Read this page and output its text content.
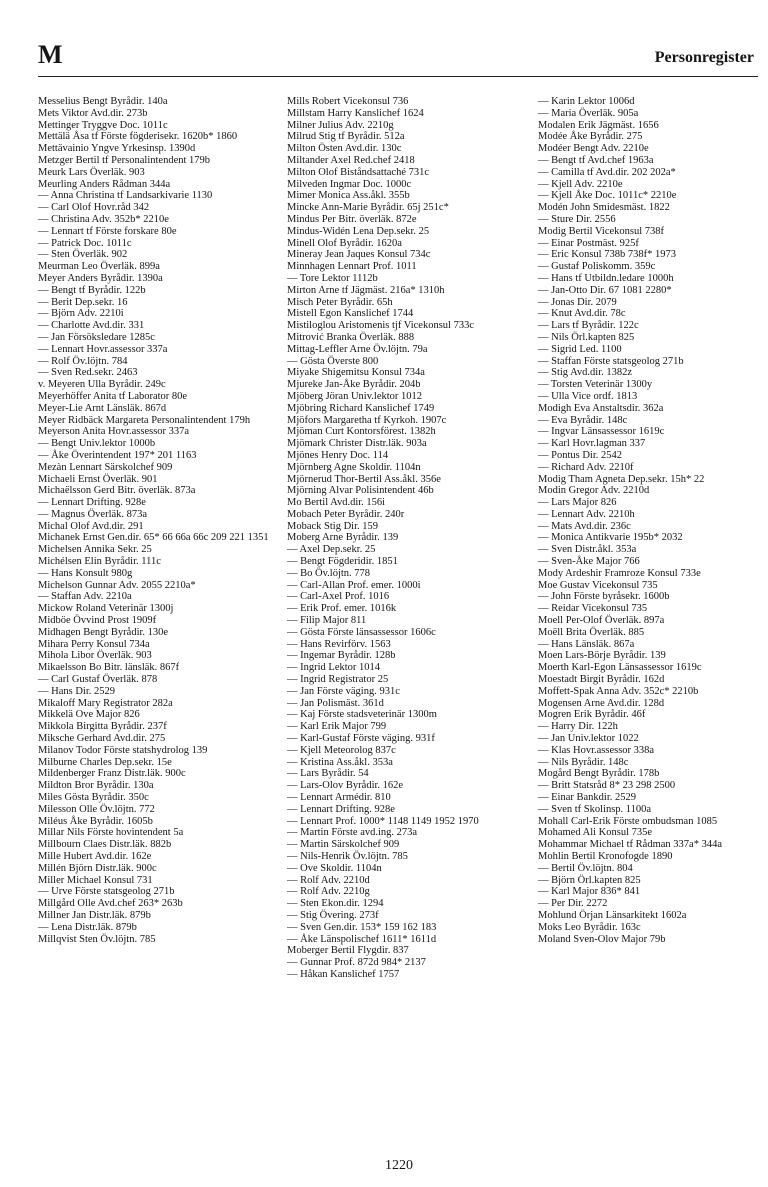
M	Personregister
Messelius Bengt Byrådir. 140a
Mets Viktor Avd.dir. 273b
Mettinger Tryggve Doc. 1011c
Mettälä Åsa tf Förste fögderisekr. 1620b* 1860
Mettävainio Yngve Yrkesinsp. 1390d
Metzger Bertil tf Personalintendent 179b
Meurk Lars Överläk. 903
Meurling Anders Rådman 344a
— Anna Christina tf Landsarkivarie 1130
— Carl Olof Hovr.råd 342
— Christina Adv. 352b* 2210e
— Lennart tf Förste forskare 80e
— Patrick Doc. 1011c
— Sten Överläk. 902
Meurman Leo Överläk. 899a
Meyer Anders Byrådir. 1390a
— Bengt tf Byrådir. 122b
— Berit Dep.sekr. 16
— Björn Adv. 2210i
— Charlotte Avd.dir. 331
— Jan Försöksledare 1285c
— Lennart Hovr.assessor 337a
— Rolf Öv.löjtn. 784
— Sven Red.sekr. 2463
v. Meyeren Ulla Byrådir. 249c
Meyerhöffer Anita tf Laborator 80e
Meyer-Lie Arnt Länsläk. 867d
Meyer Ridbäck Margareta Personalintendent 179h
Meyerson Anita Hovr.assessor 337a
— Bengt Univ.lektor 1000b
— Åke Överintendent 197* 201 1163
Mezàn Lennart Särskolchef 909
Michaeli Ernst Överläk. 901
Michaëlsson Gerd Bitr. överläk. 873a
— Lennart Drifting. 928e
— Magnus Överläk. 873a
Michal Olof Avd.dir. 291
Michanek Ernst Gen.dir. 65* 66 66a 66c 209 221 1351
Michelsen Annika Sekr. 25
Michélsen Elin Byrådir. 111c
— Hans Konsult 980g
Michelson Gunnar Adv. 2055 2210a*
— Staffan Adv. 2210a
Mickow Roland Veterinär 1300j
Midböe Övvind Prost 1909f
Midhagen Bengt Byrådir. 130e
Mihara Perry Konsul 734a
Mihola Libor Överläk. 903
Mikaelsson Bo Bitr. länsläk. 867f
— Carl Gustaf Överläk. 878
— Hans Dir. 2529
Mikaloff Mary Registrator 282a
Mikkelä Ove Major 826
Mikkola Birgitta Byrådir. 237f
Miksche Gerhard Avd.dir. 275
Milanov Todor Förste statshydrolog 139
Milburne Charles Dep.sekr. 15e
Mildenberger Franz Distr.läk. 900c
Mildton Bror Byrådir. 130a
Miles Gösta Byrådir. 350c
Milesson Olle Öv.löjtn. 772
Miléus Åke Byrådir. 1605b
Millar Nils Förste hovintendent 5a
Millbourn Claes Distr.läk. 882b
Mille Hubert Avd.dir. 162e
Millén Björn Distr.läk. 900c
Miller Michael Konsul 731
— Urve Förste statsgeolog 271b
Millgård Olle Avd.chef 263* 263b
Millner Jan Distr.läk. 879b
— Lena Distr.läk. 879b
Millqvist Sten Öv.löjtn. 785
Mills Robert Vicekonsul 736
Millstam Harry Kanslichef 1624
Milner Julius Adv. 2210g
Milrud Stig tf Byrådir. 512a
Milton Östen Avd.dir. 130c
Miltander Axel Red.chef 2418
Milton Olof Biståndsattaché 731c
Milveden Ingmar Doc. 1000c
Mimer Monica Ass.åkl. 355b
Mincke Ann-Marie Byrådir. 65j 251c*
Mindus Per Bitr. överläk. 872e
Mindus-Widén Lena Dep.sekr. 25
Minell Olof Byrådir. 1620a
Mineray Jean Jaques Konsul 734c
Minnhagen Lennart Prof. 1011
— Tore Lektor 1112b
Mirton Arne tf Jägmäst. 216a* 1310h
Misch Peter Byrådir. 65h
Mistell Egon Kanslichef 1744
Mistiloglou Aristomenis tjf Vicekonsul 733c
Mitrović Branka Överläk. 888
Mittag-Leffler Arne Öv.löjtn. 79a
— Gösta Överste 800
Miyake Shigemitsu Konsul 734a
Mjureke Jan-Åke Byrådir. 204b
Mjöberg Jöran Univ.lektor 1012
Mjöbring Richard Kanslichef 1749
Mjöfors Margaretha tf Kyrkoh. 1907c
Mjöman Curt Kontorsförest. 1382h
Mjömark Christer Distr.läk. 903a
Mjönes Henry Doc. 114
Mjörnberg Agne Skoldir. 1104n
Mjörnerud Thor-Bertil Ass.åkl. 356e
Mjörning Alvar Polisintendent 46b
Mo Bertil Avd.dir. 156i
Mobach Peter Byrådir. 240r
Moback Stig Dir. 159
Moberg Arne Byrådir. 139
— Axel Dep.sekr. 25
— Bengt Fögderidir. 1851
— Bo Öv.löjtn. 778
— Carl-Allan Prof. emer. 1000i
— Carl-Axel Prof. 1016
— Erik Prof. emer. 1016k
— Filip Major 811
— Gösta Förste länsassessor 1606c
— Hans Revirförv. 1563
— Ingemar Byrådir. 128b
— Ingrid Lektor 1014
— Ingrid Registrator 25
— Jan Förste väging. 931c
— Jan Polismäst. 361d
— Kaj Förste stadsveterinär 1300m
— Karl Erik Major 799
— Karl-Gustaf Förste väging. 931f
— Kjell Meteorolog 837c
— Kristina Ass.åkl. 353a
— Lars Byrådir. 54
— Lars-Olov Byrådir. 162e
— Lennart Armédir. 810
— Lennart Drifting. 928e
— Lennart Prof. 1000* 1148 1149 1952 1970
— Martin Förste avd.ing. 273a
— Martin Särskolchef 909
— Nils-Henrik Öv.löjtn. 785
— Ove Skoldir. 1104n
— Rolf Adv. 2210d
— Rolf Adv. 2210g
— Sten Ekon.dir. 1294
— Stig Övering. 273f
— Sven Gen.dir. 153* 159 162 183
— Åke Länspolischef 1611* 1611d
Moberger Bertil Flygdir. 837
— Gunnar Prof. 872d 984* 2137
— Håkan Kanslichef 1757
— Karin Lektor 1006d
— Maria Överläk. 905a
Modalen Erik Jägmäst. 1656
Modée Åke Byrådir. 275
Modéer Bengt Adv. 2210e
— Bengt tf Avd.chef 1963a
— Camilla tf Avd.dir. 202 202a*
— Kjell Adv. 2210e
— Kjell Åke Doc. 1011c* 2210e
Modén John Smidesmäst. 1822
— Sture Dir. 2556
Modig Bertil Vicekonsul 738f
— Einar Postmäst. 925f
— Eric Konsul 738b 738f* 1973
— Gustaf Poliskomm. 359c
— Hans tf Utbildn.ledare 1000h
— Jan-Otto Dir. 67 1081 2280*
— Jonas Dir. 2079
— Knut Avd.dir. 78c
— Lars tf Byrådir. 122c
— Nils Örl.kapten 825
— Sigrid Led. 1100
— Staffan Förste statsgeolog 271b
— Stig Avd.dir. 1382z
— Torsten Veterinär 1300y
— Ulla Vice ordf. 1813
Modigh Eva Anstaltsdir. 362a
— Eva Byrådir. 148c
— Ingvar Länsassessor 1619c
— Karl Hovr.lagman 337
— Pontus Dir. 2542
— Richard Adv. 2210f
Modig Tham Agneta Dep.sekr. 15h* 22
Modin Gregor Adv. 2210d
— Lars Major 826
— Lennart Adv. 2210h
— Mats Avd.dir. 236c
— Monica Antikvarie 195b* 2032
— Sven Distr.åkl. 353a
— Sven-Åke Major 766
Mody Ardeshir Framroze Konsul 733e
Moe Gustav Vicekonsul 735
— John Förste byråsekr. 1600b
— Reidar Vicekonsul 735
Moell Per-Olof Överläk. 897a
Moëll Brita Överläk. 885
— Hans Länsläk. 867a
Moen Lars-Börje Byrådir. 139
Moerth Karl-Egon Länsassessor 1619c
Moestadt Birgit Byrådir. 162d
Moffett-Spak Anna Adv. 352c* 2210b
Mogensen Arne Avd.dir. 128d
Mogren Erik Byrådir. 46f
— Harry Dir. 122h
— Jan Univ.lektor 1022
— Klas Hovr.assessor 338a
— Nils Byrådir. 148c
Mogård Bengt Byrådir. 178b
— Britt Statsråd 8* 23 298 2500
— Einar Bankdir. 2529
— Sven tf Skolinsp. 1100a
Mohall Carl-Erik Förste ombudsman 1085
Mohamed Ali Konsul 735e
Mohammar Michael tf Rådman 337a* 344a
Mohlin Bertil Kronofogde 1890
— Bertil Öv.löjtn. 804
— Björn Örl.kapten 825
— Karl Major 836* 841
— Per Dir. 2272
Mohlund Örjan Länsarkitekt 1602a
Moks Leo Byrådir. 163c
Moland Sven-Olov Major 79b
1220
